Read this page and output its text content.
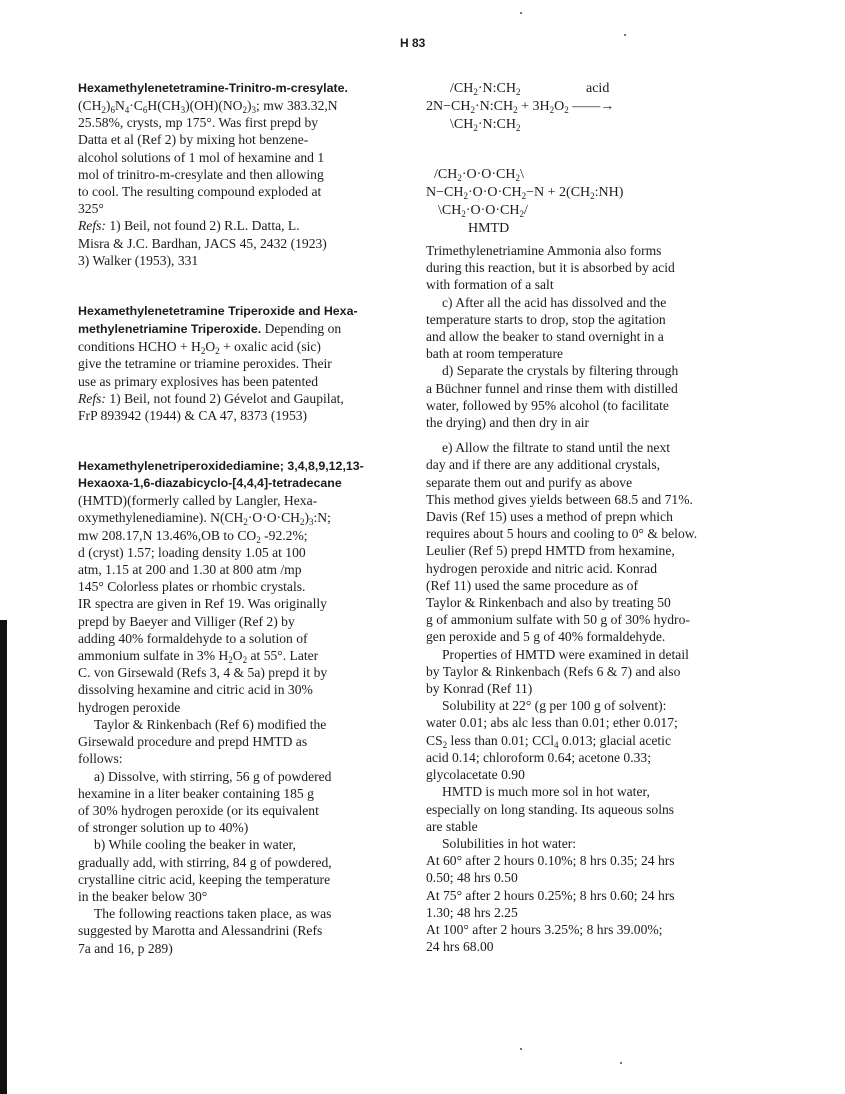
H 83
Hexamethylenetetramine-Trinitro-m-cresylate.
$(CH_2)_6N_4\cdot C_6H(CH_3)(OH)(NO_2)_3$; mw 383.32,N
25.58%, crysts, mp 175°. Was first prepd by
Datta et al (Ref 2) by mixing hot benzene-
alcohol solutions of 1 mol of hexamine and 1
mol of trinitro-m-cresylate and then allowing
to cool. The resulting compound exploded at
325°
Refs: 1) Beil, not found 2) R.L. Datta, L.
Misra & J.C. Bardhan, JACS 45, 2432 (1923)
3) Walker (1953), 331
Hexamethylenetetramine Triperoxide and Hexa-
methylenetriamine Triperoxide. Depending on
conditions HCHO + $H_2O_2$ + oxalic acid (sic)
give the tetramine or triamine peroxides. Their
use as primary explosives has been patented
Refs: 1) Beil, not found 2) Gévelot and Gaupilat,
FrP 893942 (1944) & CA 47, 8373 (1953)
Hexamethylenetriperoxidediamine; 3,4,8,9,12,13-
Hexaoxa-1,6-diazabicyclo-[4,4,4]-tetradecane
(HMTD)(formerly called by Langler, Hexa-
oxymethylenediamine). $N(CH_2\cdot O\cdot O\cdot CH_2)_3:N$;
mw 208.17,N 13.46%,OB to $CO_2$ -92.2%;
d (cryst) 1.57; loading density 1.05 at 100
atm, 1.15 at 200 and 1.30 at 800 atm /mp
145° Colorless plates or rhombic crystals.
IR spectra are given in Ref 19. Was originally
prepd by Baeyer and Villiger (Ref 2) by
adding 40% formaldehyde to a solution of
ammonium sulfate in 3% $H_2O_2$ at 55°. Later
C. von Girsewald (Refs 3, 4 & 5a) prepd it by
dissolving hexamine and citric acid in 30%
hydrogen peroxide
Taylor & Rinkenbach (Ref 6) modified the
Girsewald procedure and prepd HMTD as
follows:
a) Dissolve, with stirring, 56 g of powdered
hexamine in a liter beaker containing 185 g
of 30% hydrogen peroxide (or its equivalent
of stronger solution up to 40%)
b) While cooling the beaker in water,
gradually add, with stirring, 84 g of powdered,
crystalline citric acid, keeping the temperature
in the beaker below 30°
The following reactions taken place, as was
suggested by Marotta and Alessandrini (Refs
7a and 16, p 289)
$/CH_2\cdot N:CH_2$	acid
$2N-CH_2\cdot N:CH_2 + 3H_2O_2$ ——→
$\backslash CH_2\cdot N:CH_2$
$/CH_2\cdot O\cdot O\cdot CH_2\backslash$
$N-CH_2\cdot O\cdot O\cdot CH_2-N$ + $2(CH_2:NH)$
$\backslash CH_2\cdot O\cdot O\cdot CH_2/$
HMTD
Trimethylenetriamine Ammonia also forms
during this reaction, but it is absorbed by acid
with formation of a salt
c) After all the acid has dissolved and the
temperature starts to drop, stop the agitation
and allow the beaker to stand overnight in a
bath at room temperature
d) Separate the crystals by filtering through
a Büchner funnel and rinse them with distilled
water, followed by 95% alcohol (to facilitate
the drying) and then dry in air
e) Allow the filtrate to stand until the next
day and if there are any additional crystals,
separate them out and purify as above
This method gives yields between 68.5 and 71%.
Davis (Ref 15) uses a method of prepn which
requires about 5 hours and cooling to 0° & below.
Leulier (Ref 5) prepd HMTD from hexamine,
hydrogen peroxide and nitric acid. Konrad
(Ref 11) used the same procedure as of
Taylor & Rinkenbach and also by treating 50
g of ammonium sulfate with 50 g of 30% hydro-
gen peroxide and 5 g of 40% formaldehyde.
Properties of HMTD were examined in detail
by Taylor & Rinkenbach (Refs 6 & 7) and also
by Konrad (Ref 11)
Solubility at 22° (g per 100 g of solvent):
water 0.01; abs alc less than 0.01; ether 0.017;
$CS_2$ less than 0.01; CCl$_4$ 0.013; glacial acetic
acid 0.14; chloroform 0.64; acetone 0.33;
glycolacetate 0.90
HMTD is much more sol in hot water,
especially on long standing. Its aqueous solns
are stable
Solubilities in hot water:
At 60° after 2 hours 0.10%; 8 hrs 0.35; 24 hrs
0.50; 48 hrs 0.50
At 75° after 2 hours 0.25%; 8 hrs 0.60; 24 hrs
1.30; 48 hrs 2.25
At 100° after 2 hours 3.25%; 8 hrs 39.00%;
24 hrs 68.00
